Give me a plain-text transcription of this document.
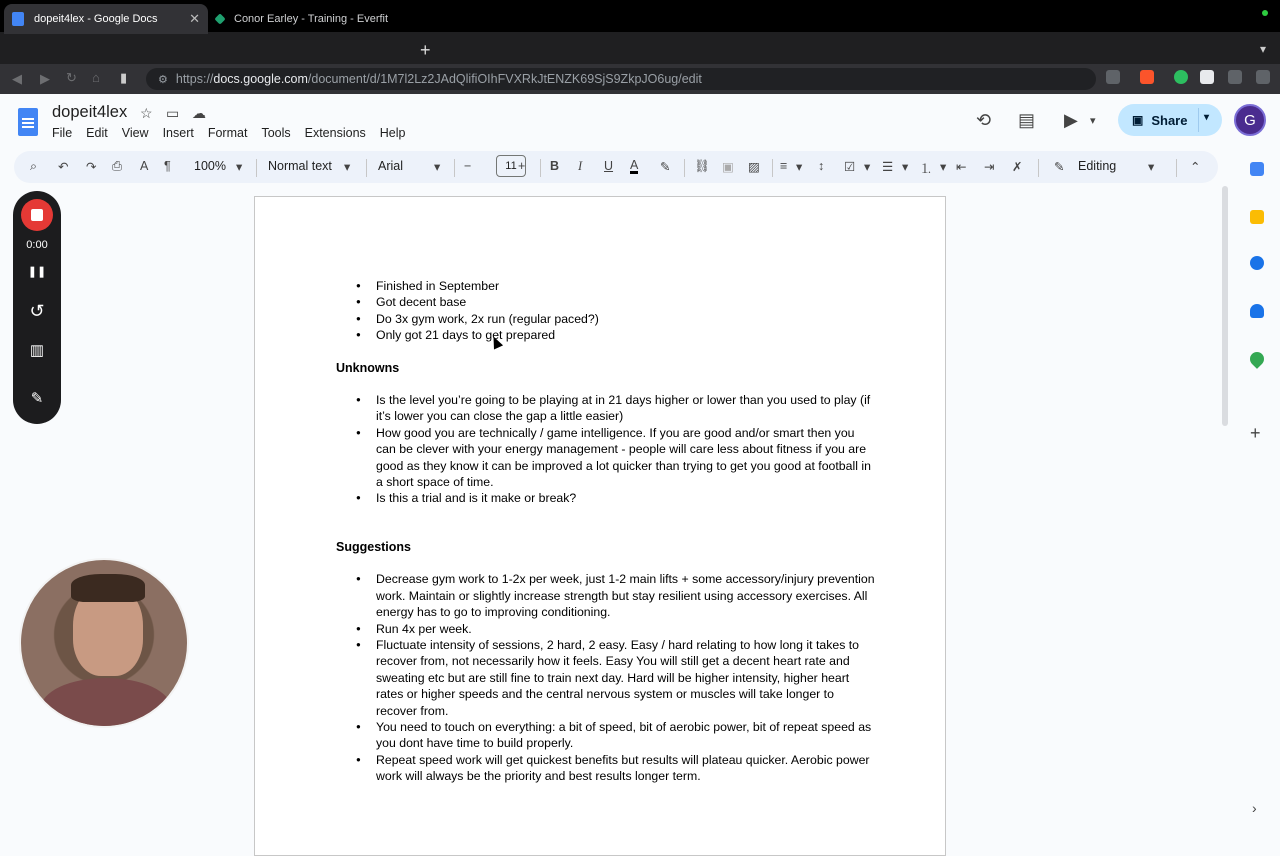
dopeit4lex - Google Docs ✕	Conor Earley - Training - Everfit
+	▾
◀ ▶ ↻ ⌂ ▮	⚙ https:// docs.google.com /document/d/1M7l2Lz2JAdQlifiOIhFVXRkJtENZK69SjS9ZkpJO6ug/edit
dopeit4lex ☆ ▭ ☁
File Edit View Insert Format Tools Extensions Help
⟲ ▤ ▶ ▾	▣ Share ▾	G
⌕ ↶ ↷ ⎙ A ¶ 100% ▾ Normal text ▾ Arial ▾ −	11 + B I U A ✎ ⛓ ▣ ▨ ≡ ▾ ↕ ☑ ▾ ☰ ▾ ⒈ ▾ ⇤ ⇥ ✗	✎ Editing	▾	⌃
+
›
● Finished in September
● Got decent base
● Do 3x gym work, 2x run (regular paced?)
● Only got 21 days to get prepared
Unknowns
● Is the level you’re going to be playing at in 21 days higher or lower than you used to play (if it’s lower you can close the gap a little easier)
● How good you are technically / game intelligence. If you are good and/or smart then you can be clever with your energy management - people will care less about fitness if you are good as they know it can be improved a lot quicker than trying to get you good at football in a short space of time.
● Is this a trial and is it make or break?
Suggestions
● Decrease gym work to 1-2x per week, just 1-2 main lifts + some accessory/injury prevention work. Maintain or slightly increase strength but stay resilient using accessory exercises. All energy has to go to improving conditioning.
● Run 4x per week.
● Fluctuate intensity of sessions, 2 hard, 2 easy. Easy / hard relating to how long it takes to recover from, not necessarily how it feels. Easy You will still get a decent heart rate and sweating etc but are still fine to train next day. Hard will be higher intensity, higher heart rates or higher speeds and the central nervous system or muscles will take longer to recover from.
● You need to touch on everything: a bit of speed, bit of aerobic power, bit of repeat speed as you dont have time to build properly.
● Repeat speed work will get quickest benefits but results will plateau quicker. Aerobic power work will always be the priority and best results longer term.
0:00
❚❚
↺
▥
✎
